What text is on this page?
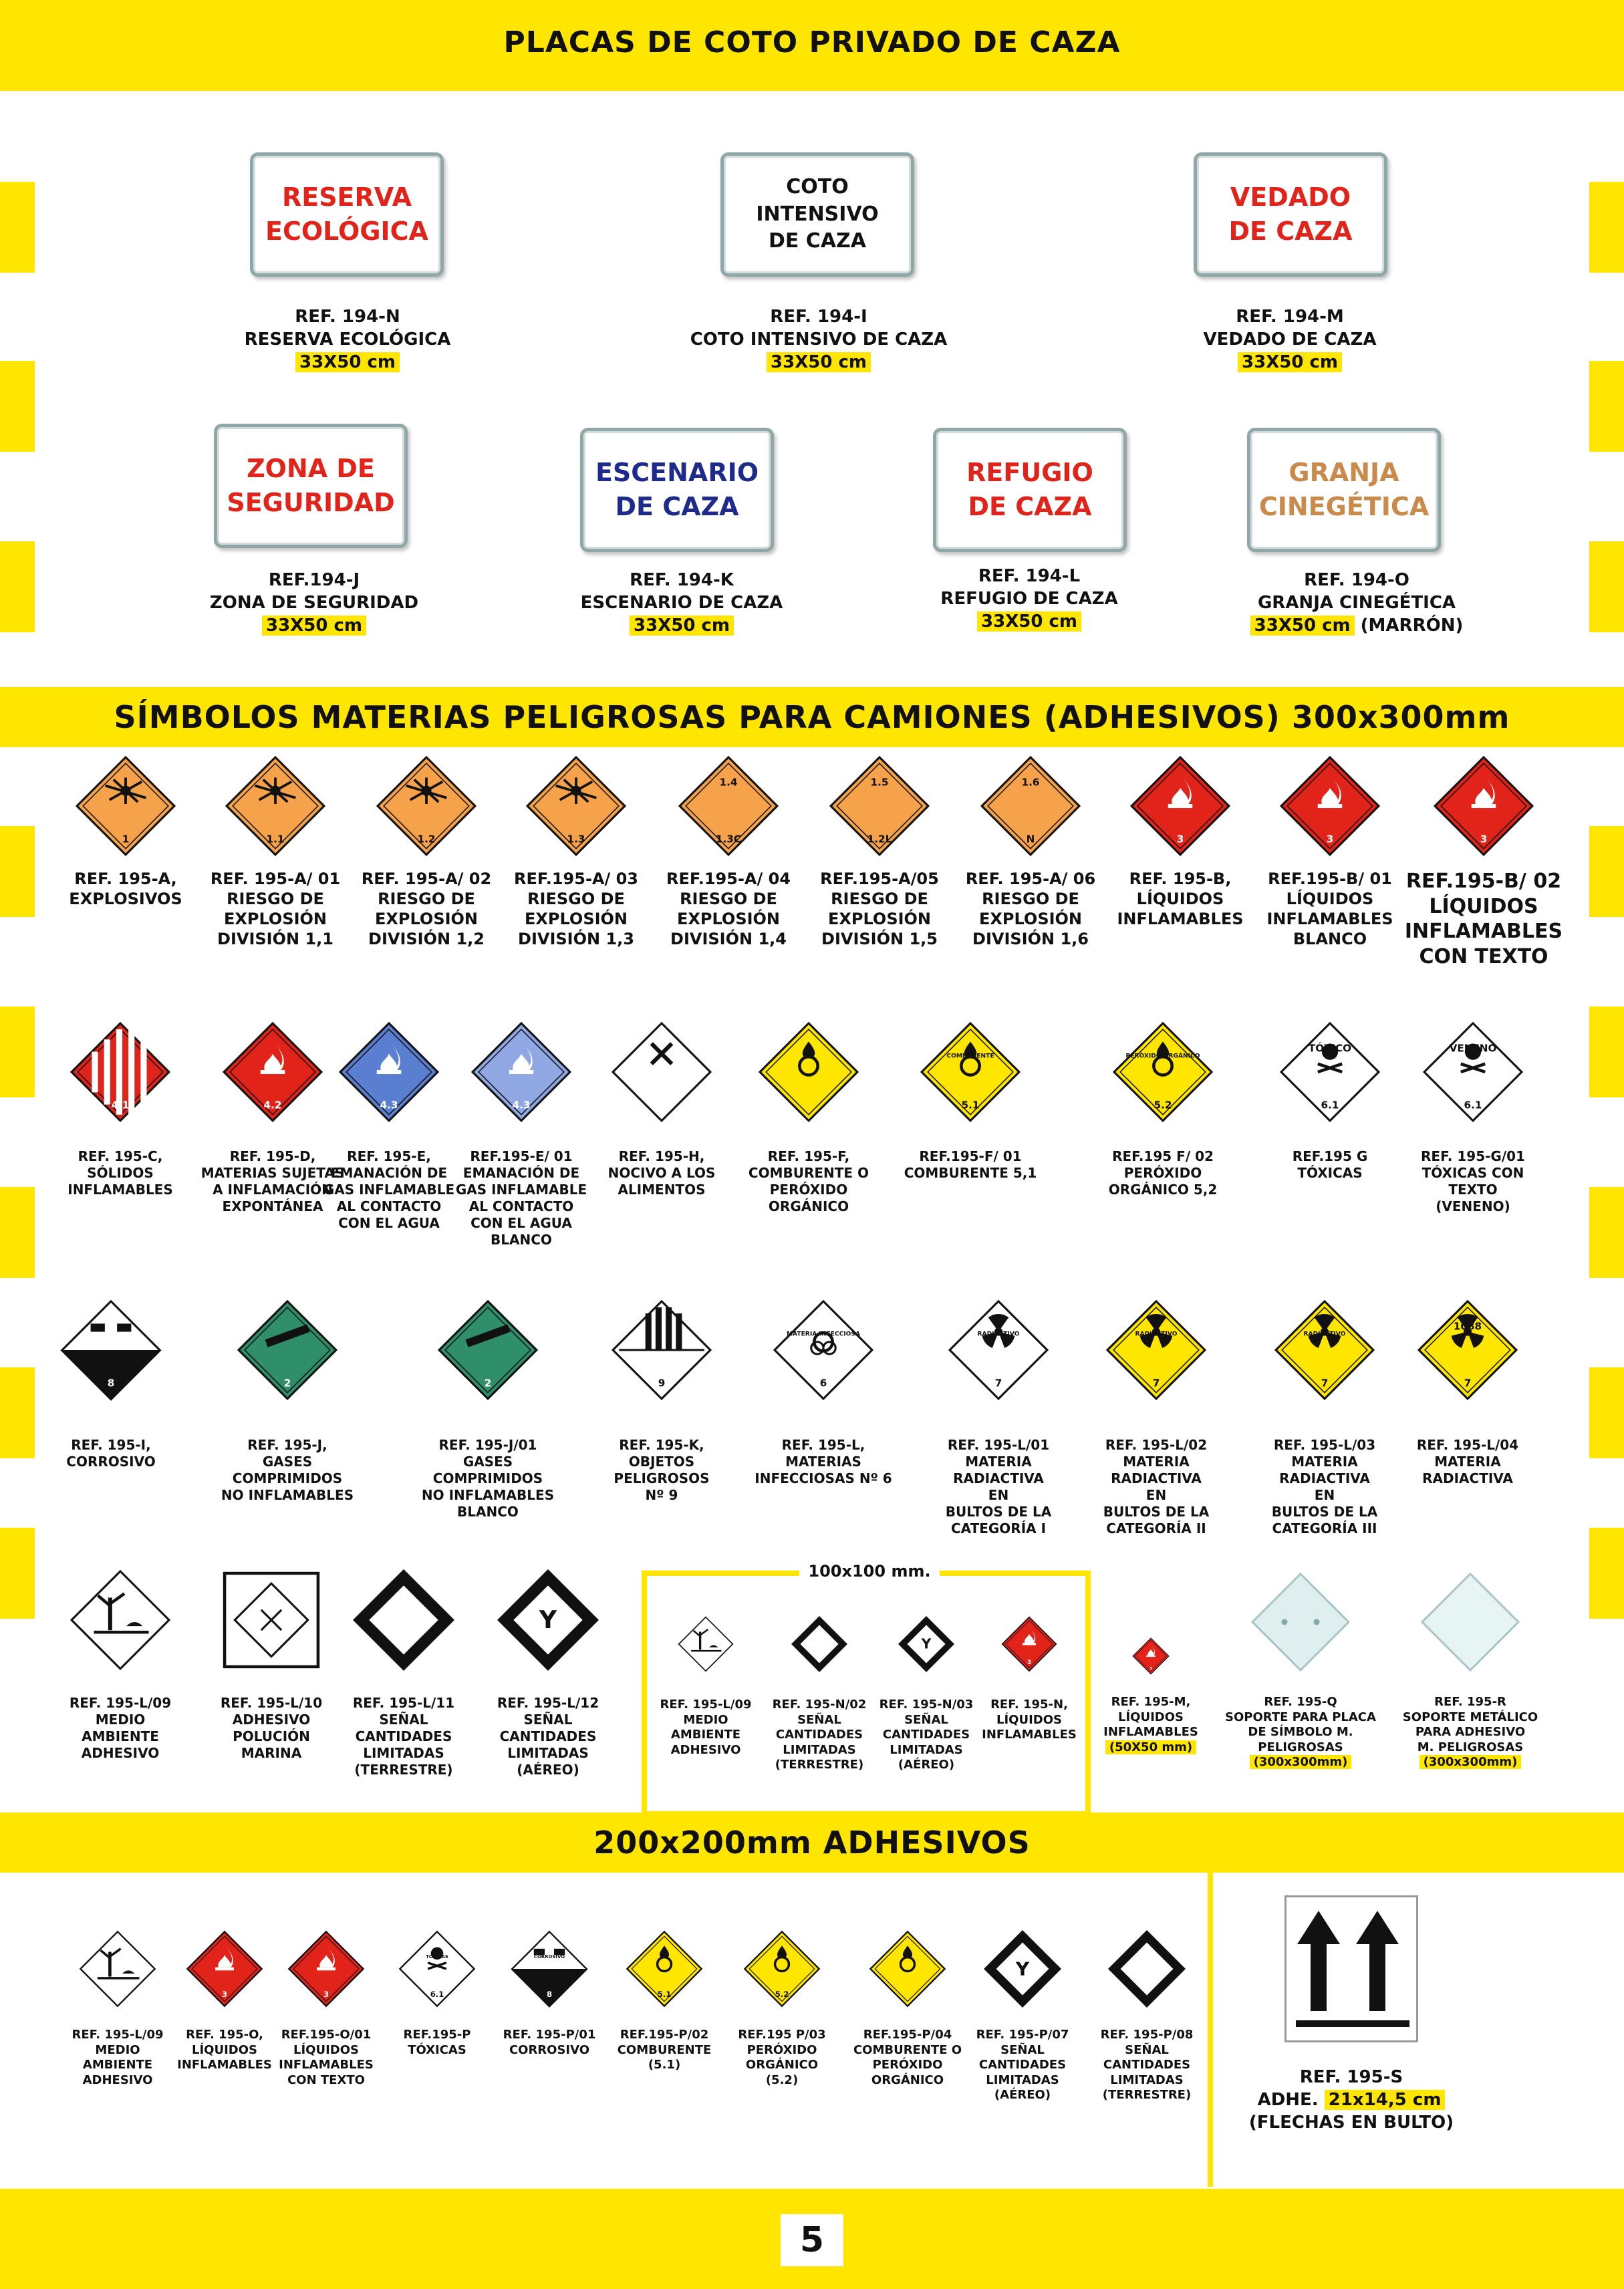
PLACAS DE COTO PRIVADO DE CAZA
SÍMBOLOS MATERIAS PELIGROSAS PARA CAMIONES (ADHESIVOS) 300x300mm
200x200mm ADHESIVOS
RESERVA
ECOLÓGICA
REF. 194-N
RESERVA ECOLÓGICA
33X50 cm
COTO INTENSIVO
DE CAZA
REF. 194-I
COTO INTENSIVO DE CAZA
33X50 cm
VEDADO
DE CAZA
REF. 194-M
VEDADO DE CAZA
33X50 cm
ZONA DE
SEGURIDAD
REF.194-J
ZONA DE SEGURIDAD
33X50 cm
ESCENARIO
DE CAZA
REF. 194-K
ESCENARIO DE CAZA
33X50 cm
REFUGIO
DE CAZA
REF. 194-L
REFUGIO DE CAZA
33X50 cm
GRANJA
CINEGÉTICA
REF. 194-O
GRANJA CINEGÉTICA
33X50 cm (MARRÓN)
1
REF. 195-A,
EXPLOSIVOS
1.1
REF. 195-A/ 01
RIESGO DE
EXPLOSIÓN
DIVISIÓN 1,1
1.2
REF. 195-A/ 02
RIESGO DE
EXPLOSIÓN
DIVISIÓN 1,2
1.3
REF.195-A/ 03
RIESGO DE
EXPLOSIÓN
DIVISIÓN 1,3
1.4
1.3C
REF.195-A/ 04
RIESGO DE
EXPLOSIÓN
DIVISIÓN 1,4
1.5
1.2L
REF.195-A/05
RIESGO DE
EXPLOSIÓN
DIVISIÓN 1,5
1.6
N
REF. 195-A/ 06
RIESGO DE
EXPLOSIÓN
DIVISIÓN 1,6
3
REF. 195-B,
LÍQUIDOS
INFLAMABLES
3
REF.195-B/ 01
LÍQUIDOS
INFLAMABLES
BLANCO
3
REF.195-B/ 02
LÍQUIDOS
INFLAMABLES
CON TEXTO
4.1
REF. 195-C,
SÓLIDOS
INFLAMABLES
4.2
REF. 195-D,
MATERIAS SUJETAS
A INFLAMACIÓN
EXPONTÁNEA
4.3
REF. 195-E,
EMANACIÓN DE
GAS INFLAMABLE
AL CONTACTO
CON EL AGUA
4.3
REF.195-E/ 01
EMANACIÓN DE
GAS INFLAMABLE
AL CONTACTO
CON EL AGUA
BLANCO
REF. 195-H,
NOCIVO A LOS
ALIMENTOS
REF. 195-F,
COMBURENTE O
PERÓXIDO ORGÁNICO
COMBURENTE
5.1
REF.195-F/ 01
COMBURENTE 5,1
PERÓXIDO ORGÁNICO
5.2
REF.195 F/ 02
PERÓXIDO ORGÁNICO 5,2
TÓXICO
6.1
REF.195 G
TÓXICAS
VENENO
6.1
REF. 195-G/01
TÓXICAS CON
TEXTO
(VENENO)
8
REF. 195-I,
CORROSIVO
2
REF. 195-J,
GASES COMPRIMIDOS
NO INFLAMABLES
2
REF. 195-J/01
GASES COMPRIMIDOS
NO INFLAMABLES
BLANCO
9
REF. 195-K,
OBJETOS PELIGROSOS
Nº 9
MATERIA INFECCIOSA
6
REF. 195-L,
MATERIAS
INFECCIOSAS Nº 6
RADIACTIVO
7
REF. 195-L/01
MATERIA RADIACTIVA
EN
BULTOS DE LA
CATEGORÍA I
RADIACTIVO
7
REF. 195-L/02
MATERIA RADIACTIVA
EN
BULTOS DE LA
CATEGORÍA II
RADIACTIVO
7
REF. 195-L/03
MATERIA RADIACTIVA
EN
BULTOS DE LA
CATEGORÍA III
1088
7
REF. 195-L/04
MATERIA
RADIACTIVA
REF. 195-L/09
MEDIO
AMBIENTE
ADHESIVO
REF. 195-L/10
ADHESIVO
POLUCIÓN
MARINA
REF. 195-L/11
SEÑAL
CANTIDADES
LIMITADAS
(TERRESTRE)
Y
REF. 195-L/12
SEÑAL
CANTIDADES
LIMITADAS
(AÉREO)
REF. 195-L/09
MEDIO
AMBIENTE
ADHESIVO
REF. 195-N/02
SEÑAL
CANTIDADES
LIMITADAS
(TERRESTRE)
Y
REF. 195-N/03
SEÑAL
CANTIDADES
LIMITADAS
(AÉREO)
3
REF. 195-N,
LÍQUIDOS
INFLAMABLES
3
REF. 195-M,
LÍQUIDOS
INFLAMABLES
(50X50 mm)
REF. 195-Q
SOPORTE PARA PLACA
DE SÍMBOLO M. PELIGROSAS
(300x300mm)
REF. 195-R
SOPORTE METÁLICO
PARA ADHESIVO
M. PELIGROSAS
(300x300mm)
REF. 195-L/09
MEDIO
AMBIENTE
ADHESIVO
3
REF. 195-O,
LÍQUIDOS
INFLAMABLES
3
REF.195-O/01
LÍQUIDOS
INFLAMABLES
CON TEXTO
TÓXICAS
6.1
REF.195-P
TÓXICAS
CORROSIVO
8
REF. 195-P/01
CORROSIVO
5.1
REF.195-P/02
COMBURENTE
(5.1)
5.2
REF.195 P/03
PERÓXIDO
ORGÁNICO
(5.2)
REF.195-P/04
COMBURENTE O
PERÓXIDO
ORGÁNICO
Y
REF. 195-P/07
SEÑAL
CANTIDADES
LIMITADAS
(AÉREO)
REF. 195-P/08
SEÑAL
CANTIDADES
LIMITADAS
(TERRESTRE)
100x100 mm.
REF. 195-S
ADHE. 21x14,5 cm
(FLECHAS EN BULTO)
5
